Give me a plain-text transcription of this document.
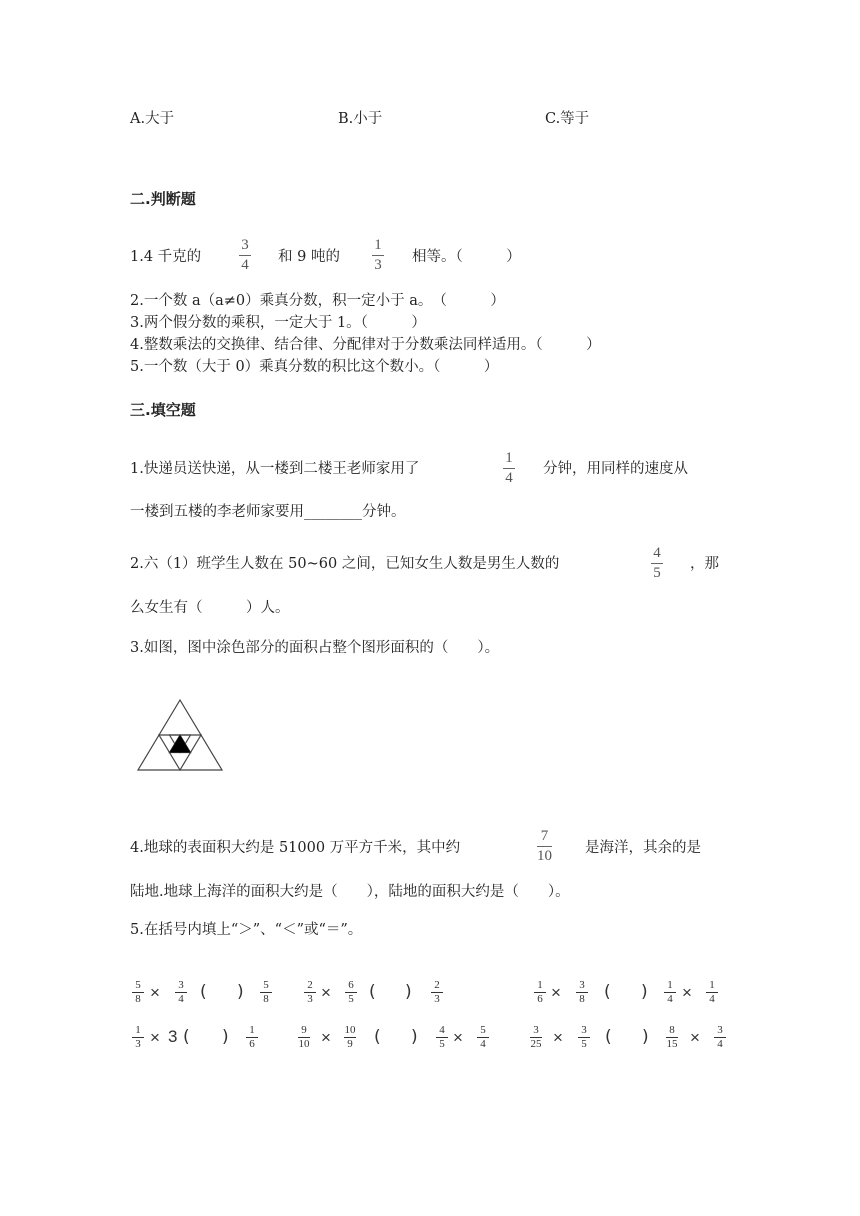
A.大于	B.小于	C.等于
二.判断题
1.4 千克的
3
4 和 9 吨的
1
3 相等。（　　　）
2.一个数 a（a≠0）乘真分数，积一定小于 a。　（　　　）
3.两个假分数的乘积，一定大于 1。（　　　）
4.整数乘法的交换律、结合律、分配律对于分数乘法同样适用。（　　　）
5.一个数（大于 0）乘真分数的积比这个数小。（　　　）
三.填空题
1.快递员送快递，从一楼到二楼王老师家用了
1
4
分钟，用同样的速度从
一楼到五楼的李老师家要用________分钟。
2.六（1）班学生人数在 50~60 之间，已知女生人数是男生人数的
4
5
，那
么女生有（　　　）人。
3.如图，图中涂色部分的面积占整个图形面积的（　　）。
4.地球的表面积大约是 51000 万平方千米，其中约
7
10 是海洋，其余的是
陆地.地球上海洋的面积大约是（　　），陆地的面积大约是（　　）。
5.在括号内填上“＞”、“＜”或“＝”。
5
8 × 3
4 ( ) 5
8
2
3 × 6
5 ( ) 2
3
1
6 × 3
8 ( ) 1
4 × 1
4
1
3 × 3 ( ) 1
6
9
10 × 10
9 ( ) 4
5 × 5
4
3
25 × 3
5 ( ) 8
15 × 3
4
